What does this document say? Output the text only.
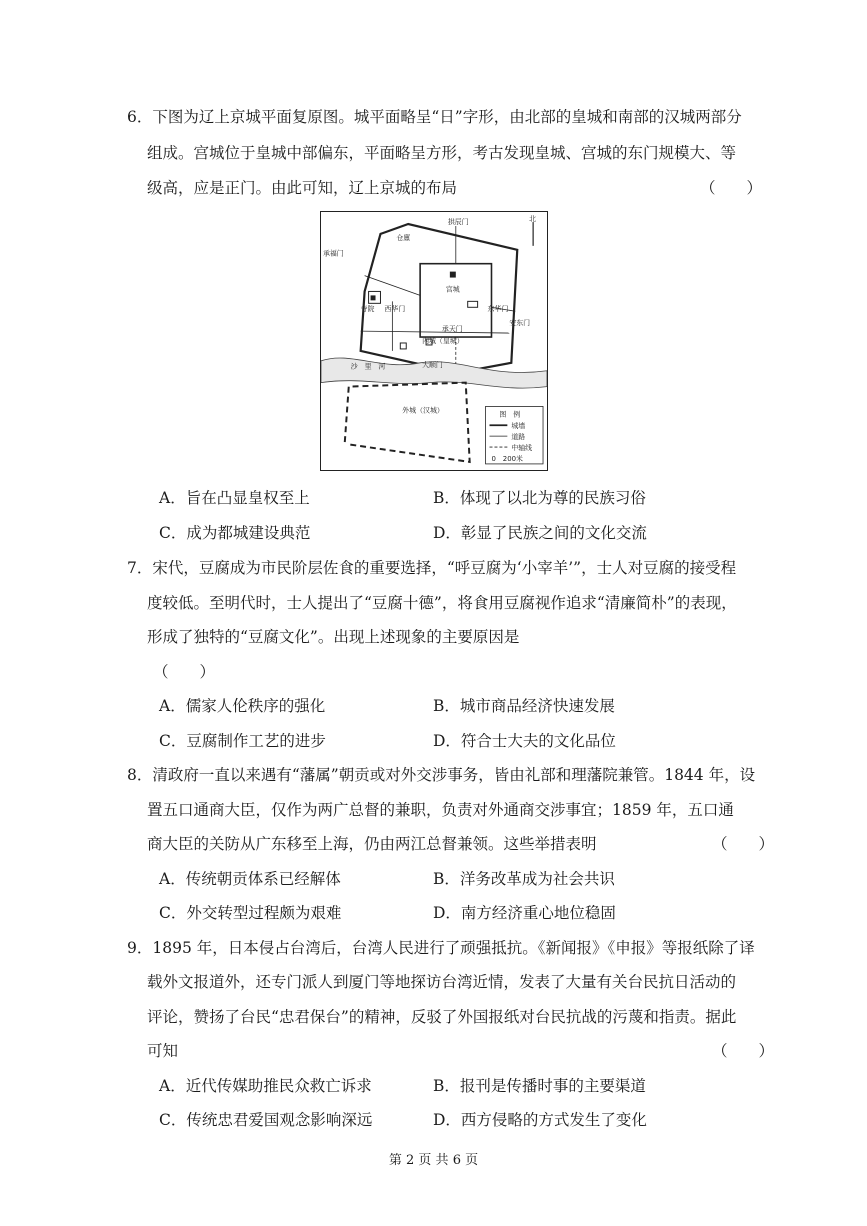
6．下图为辽上京城平面复原图。城平面略呈“日”字形，由北部的皇城和南部的汉城两部分
组成。宫城位于皇城中部偏东，平面略呈方形，考古发现皇城、宫城的东门规模大、等
级高，应是正门。由此可知，辽上京城的布局	（　　）
北
图　例
城墙
道路
中轴线
0　200米
拱辰门
承福门
仓廪
西华门
宫城
东华门
安东门
承天门
内城（皇城）
沙　里　河	大顺门
外城（汉城）
寺院
A．旨在凸显皇权至上	B．体现了以北为尊的民族习俗
C．成为都城建设典范	D．彰显了民族之间的文化交流
7．宋代，豆腐成为市民阶层佐食的重要选择，“呼豆腐为‘小宰羊’”，士人对豆腐的接受程
度较低。至明代时，士人提出了“豆腐十德”，将食用豆腐视作追求“清廉简朴”的表现，
形成了独特的“豆腐文化”。出现上述现象的主要原因是
（　　）
A．儒家人伦秩序的强化	B．城市商品经济快速发展
C．豆腐制作工艺的进步	D．符合士大夫的文化品位
8．清政府一直以来遇有“藩属”朝贡或对外交涉事务，皆由礼部和理藩院兼管。1844 年，设
置五口通商大臣，仅作为两广总督的兼职，负责对外通商交涉事宜；1859 年，五口通
商大臣的关防从广东移至上海，仍由两江总督兼领。这些举措表明	（　　）
A．传统朝贡体系已经解体	B．洋务改革成为社会共识
C．外交转型过程颇为艰难	D．南方经济重心地位稳固
9．1895 年，日本侵占台湾后，台湾人民进行了顽强抵抗。《新闻报》《申报》等报纸除了译
载外文报道外，还专门派人到厦门等地探访台湾近情，发表了大量有关台民抗日活动的
评论，赞扬了台民“忠君保台”的精神，反驳了外国报纸对台民抗战的污蔑和指责。据此
可知	（　　）
A．近代传媒助推民众救亡诉求	B．报刊是传播时事的主要渠道
C．传统忠君爱国观念影响深远	D．西方侵略的方式发生了变化
第 2 页 共 6 页
